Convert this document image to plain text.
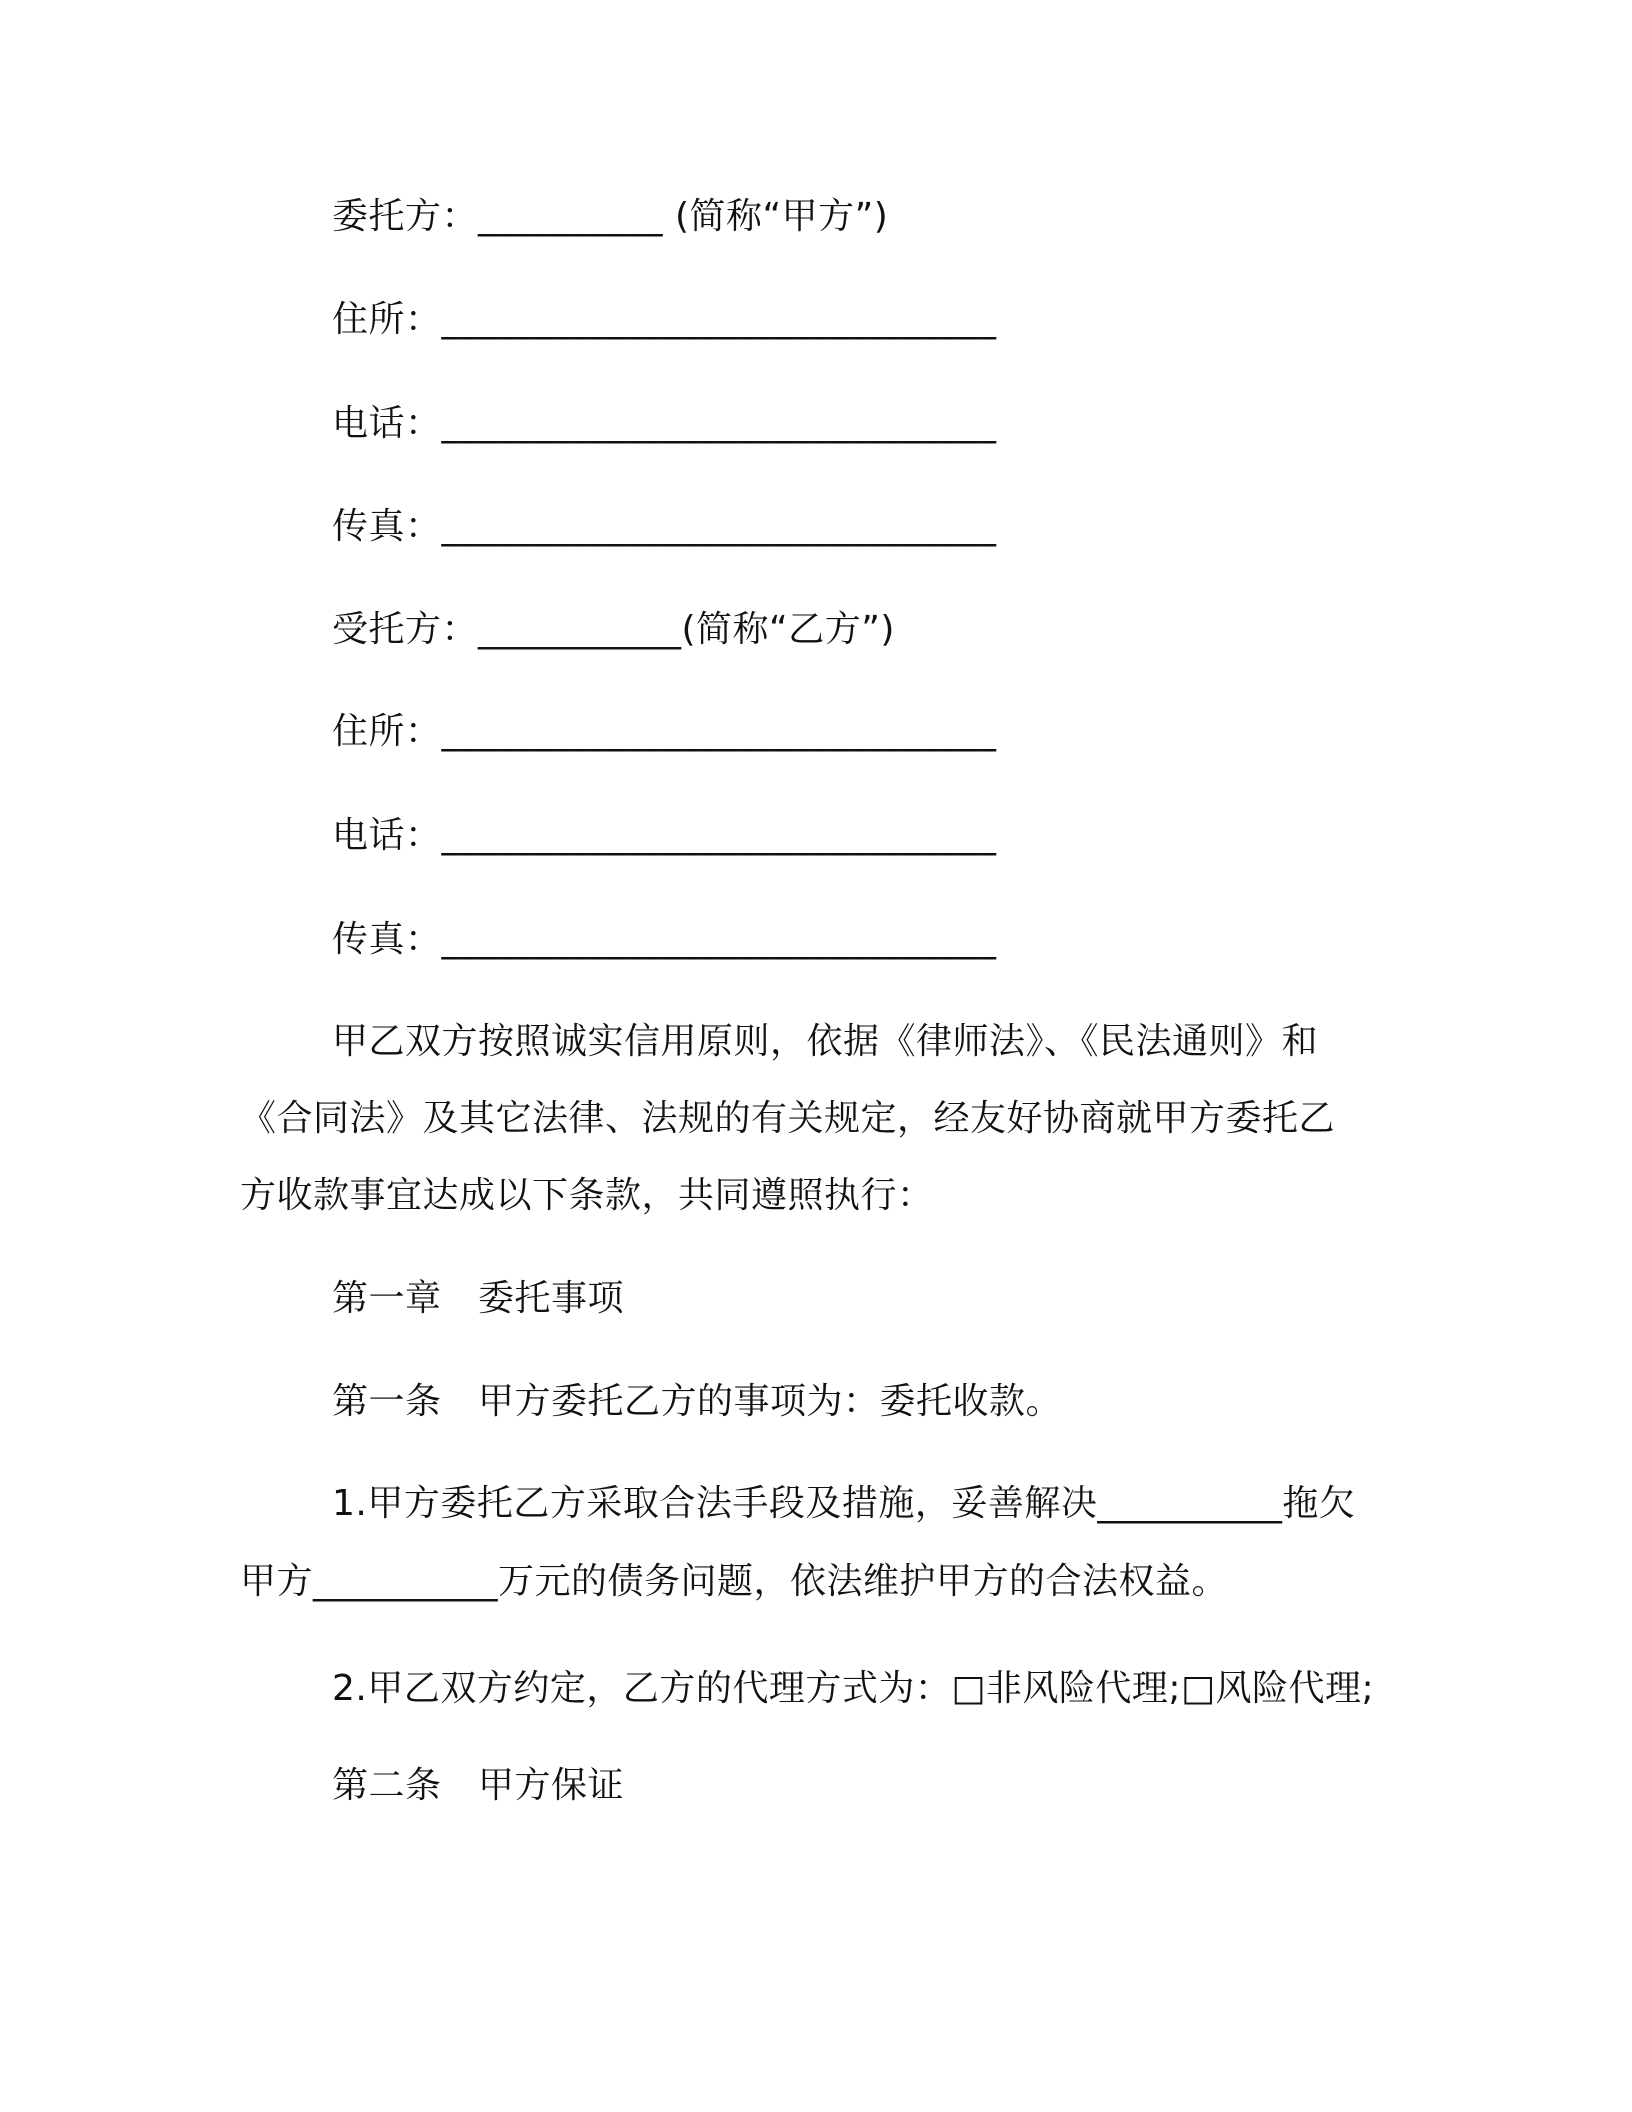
委托方：__________ (简称“甲方”)
住所：______________________________
电话：______________________________
传真：______________________________
受托方：___________(简称“乙方”)
住所：______________________________
电话：______________________________
传真：______________________________
甲乙双方按照诚实信用原则，依据《律师法》、《民法通则》和
《合同法》及其它法律、法规的有关规定，经友好协商就甲方委托乙
方收款事宜达成以下条款，共同遵照执行：
第一章　委托事项
第一条　甲方委托乙方的事项为：委托收款。
1.甲方委托乙方采取合法手段及措施，妥善解决__________拖欠
甲方__________万元的债务问题，依法维护甲方的合法权益。
2.甲乙双方约定，乙方的代理方式为：□非风险代理;□风险代理;
第二条　甲方保证
